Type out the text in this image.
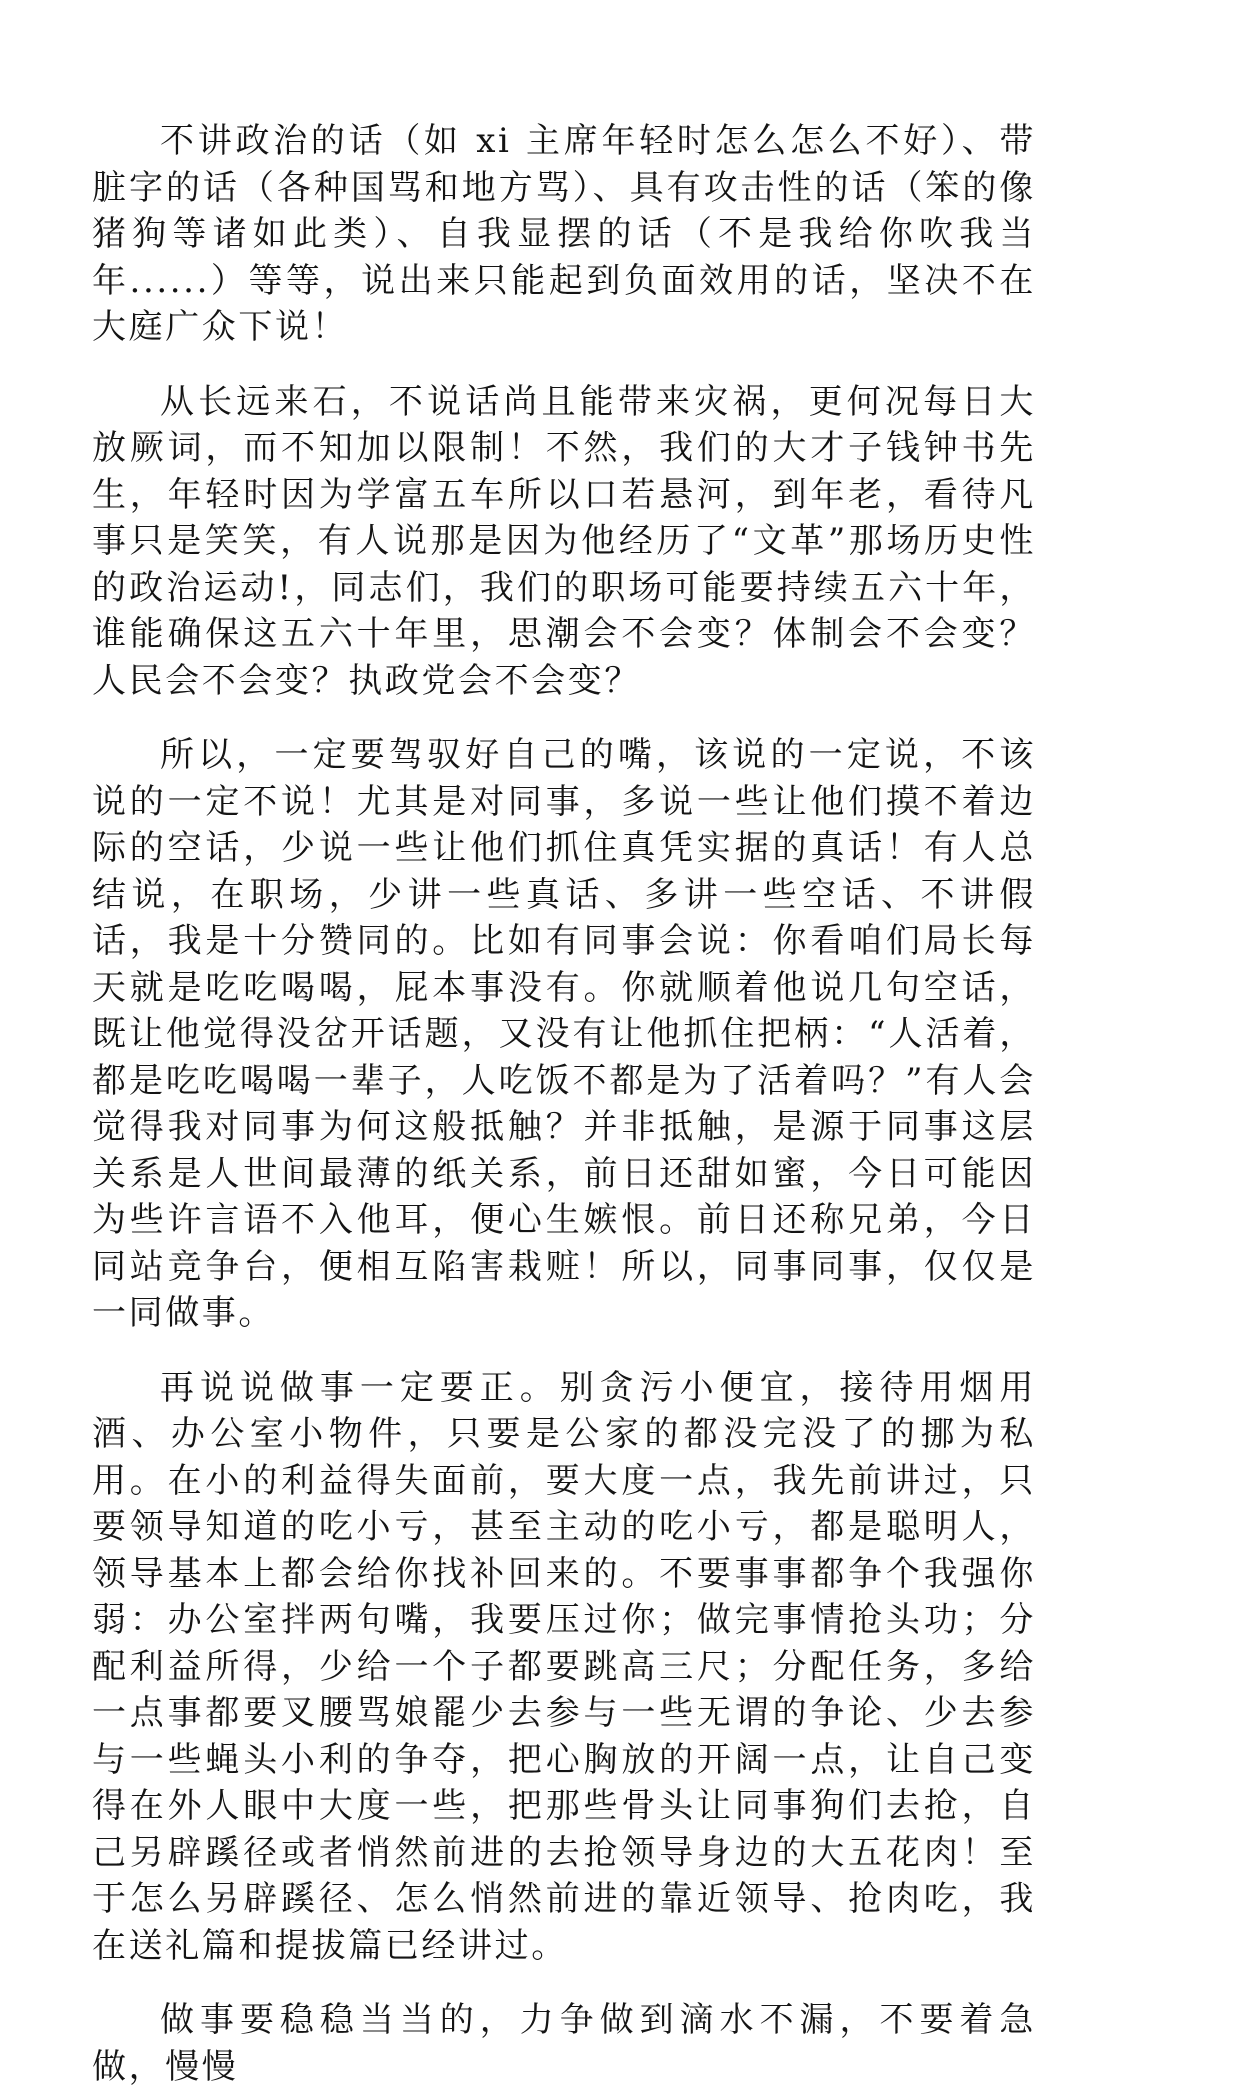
不讲政治的话（如 xi 主席年轻时怎么怎么不好）、带脏字的话（各种国骂和地方骂）、具有攻击性的话（笨的像猪狗等诸如此类）、自我显摆的话（不是我给你吹我当年......）等等，说出来只能起到负面效用的话，坚决不在大庭广众下说！

从长远来石，不说话尚且能带来灾祸，更何况每日大放厥词，而不知加以限制！不然，我们的大才子钱钟书先生，年轻时因为学富五车所以口若悬河，到年老，看待凡事只是笑笑，有人说那是因为他经历了“文革”那场历史性的政治运动!，同志们，我们的职场可能要持续五六十年，谁能确保这五六十年里，思潮会不会变？体制会不会变？人民会不会变？执政党会不会变？

所以，一定要驾驭好自己的嘴，该说的一定说，不该说的一定不说！尤其是对同事，多说一些让他们摸不着边际的空话，少说一些让他们抓住真凭实据的真话！有人总结说，在职场，少讲一些真话、多讲一些空话、不讲假话，我是十分赞同的。比如有同事会说：你看咱们局长每天就是吃吃喝喝，屁本事没有。你就顺着他说几句空话，既让他觉得没岔开话题，又没有让他抓住把柄：“人活着，都是吃吃喝喝一辈子，人吃饭不都是为了活着吗？”有人会觉得我对同事为何这般抵触？并非抵触，是源于同事这层关系是人世间最薄的纸关系，前日还甜如蜜，今日可能因为些许言语不入他耳，便心生嫉恨。前日还称兄弟，今日同站竞争台，便相互陷害栽赃！所以，同事同事，仅仅是一同做事。

再说说做事一定要正。别贪污小便宜，接待用烟用酒、办公室小物件，只要是公家的都没完没了的挪为私用。在小的利益得失面前，要大度一点，我先前讲过，只要领导知道的吃小亏，甚至主动的吃小亏，都是聪明人，领导基本上都会给你找补回来的。不要事事都争个我强你弱：办公室拌两句嘴，我要压过你；做完事情抢头功；分配利益所得，少给一个子都要跳高三尺；分配任务，多给一点事都要叉腰骂娘罷少去参与一些无谓的争论、少去参与一些蝇头小利的争夺，把心胸放的开阔一点，让自己变得在外人眼中大度一些，把那些骨头让同事狗们去抢，自己另辟蹊径或者悄然前进的去抢领导身边的大五花肉！至于怎么另辟蹊径、怎么悄然前进的靠近领导、抢肉吃，我在送礼篇和提拔篇已经讲过。

做事要稳稳当当的，力争做到滴水不漏，不要着急做，慢慢
